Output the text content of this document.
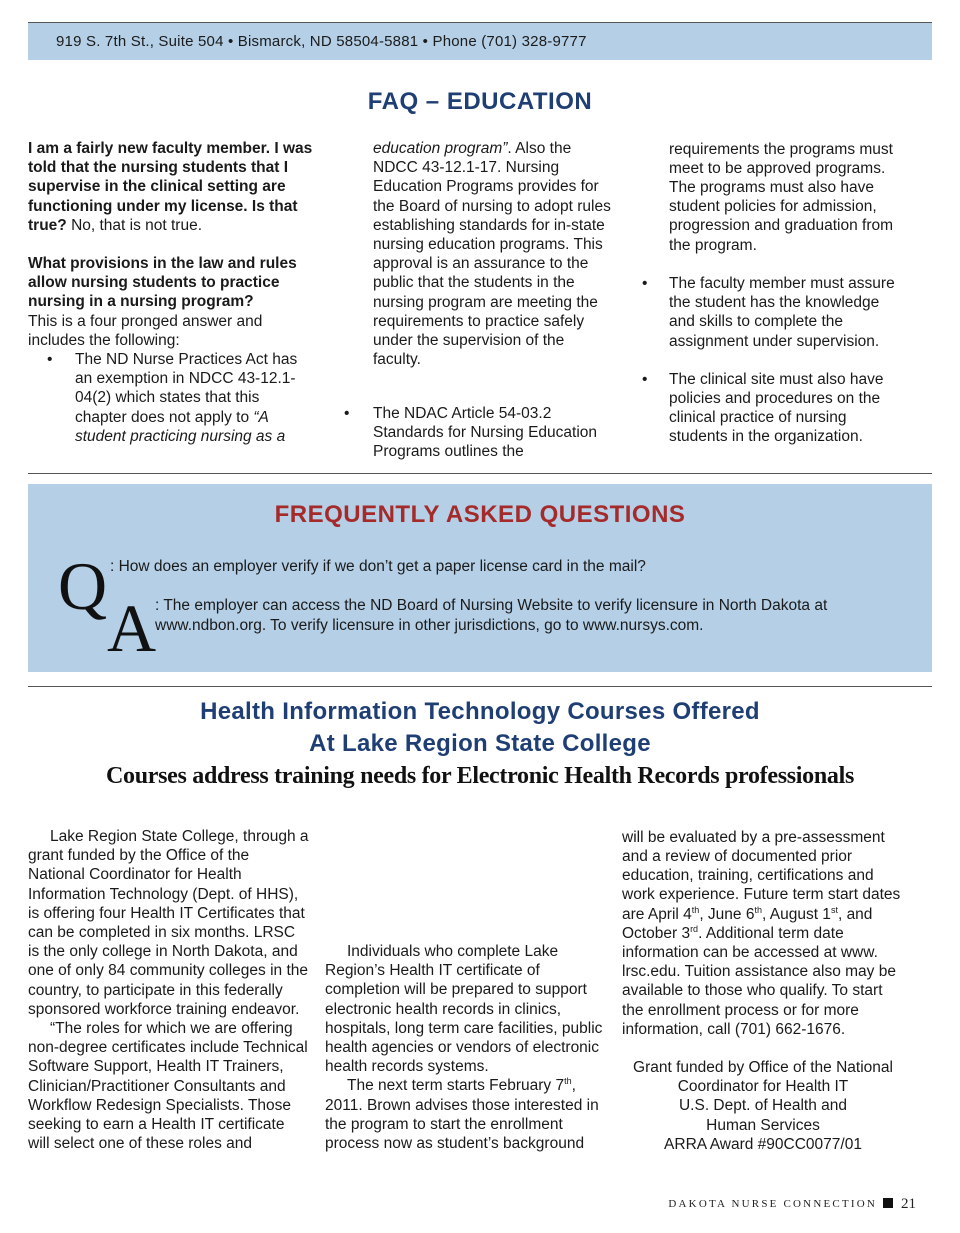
919 S. 7th St., Suite 504 • Bismarck, ND 58504-5881 • Phone (701) 328-9777
FAQ – EDUCATION

I am a fairly new faculty member. I was told that the nursing students that I supervise in the clinical setting are functioning under my license. Is that true? No, that is not true.

What provisions in the law and rules allow nursing students to practice nursing in a nursing program?

This is a four pronged answer and includes the following:

• The ND Nurse Practices Act has an exemption in NDCC 43-12.1-04(2) which states that this chapter does not apply to “A student practicing nursing as a
education program”. Also the NDCC 43-12.1-17. Nursing Education Programs provides for the Board of nursing to adopt rules establishing standards for in-state nursing education programs. This approval is an assurance to the public that the students in the nursing program are meeting the requirements to practice safely under the supervision of the faculty.
• The NDAC Article 54-03.2 Standards for Nursing Education Programs outlines the
requirements the programs must meet to be approved programs. The programs must also have student policies for admission, progression and graduation from the program.
• The faculty member must assure the student has the knowledge and skills to complete the assignment under supervision.
• The clinical site must also have policies and procedures on the clinical practice of nursing students in the organization.
FREQUENTLY ASKED QUESTIONS
Q : How does an employer verify if we don’t get a paper license card in the mail?
A
: The employer can access the ND Board of Nursing Website to verify licensure in North Dakota at www.ndbon.org. To verify licensure in other jurisdictions, go to www.nursys.com.
Health Information Technology Courses Offered
At Lake Region State College
Courses address training needs for Electronic Health Records professionals

Lake Region State College, through a grant funded by the Office of the National Coordinator for Health Information Technology (Dept. of HHS), is offering four Health IT Certificates that can be completed in six months. LRSC is the only college in North Dakota, and one of only 84 community colleges in the country, to participate in this federally sponsored workforce training endeavor.

“The roles for which we are offering non-degree certificates include Technical Software Support, Health IT Trainers, Clinician/Practitioner Consultants and Workflow Redesign Specialists. Those seeking to earn a Health IT certificate will select one of these roles and

Individuals who complete Lake Region’s Health IT certificate of completion will be prepared to support electronic health records in clinics, hospitals, long term care facilities, public health agencies or vendors of electronic health records systems.

The next term starts February 7th, 2011. Brown advises those interested in the program to start the enrollment process now as student’s background

will be evaluated by a pre-assessment and a review of documented prior education, training, certifications and work experience. Future term start dates are April 4th, June 6th, August 1st, and October 3rd. Additional term date information can be accessed at www. lrsc.edu. Tuition assistance also may be available to those who qualify. To start the enrollment process or for more information, call (701) 662-1676.

Grant funded by Office of the National

Coordinator for Health IT

U.S. Dept. of Health and

Human Services

ARRA Award #90CC0077/01

DAKOTA NURSE CONNECTION 21
